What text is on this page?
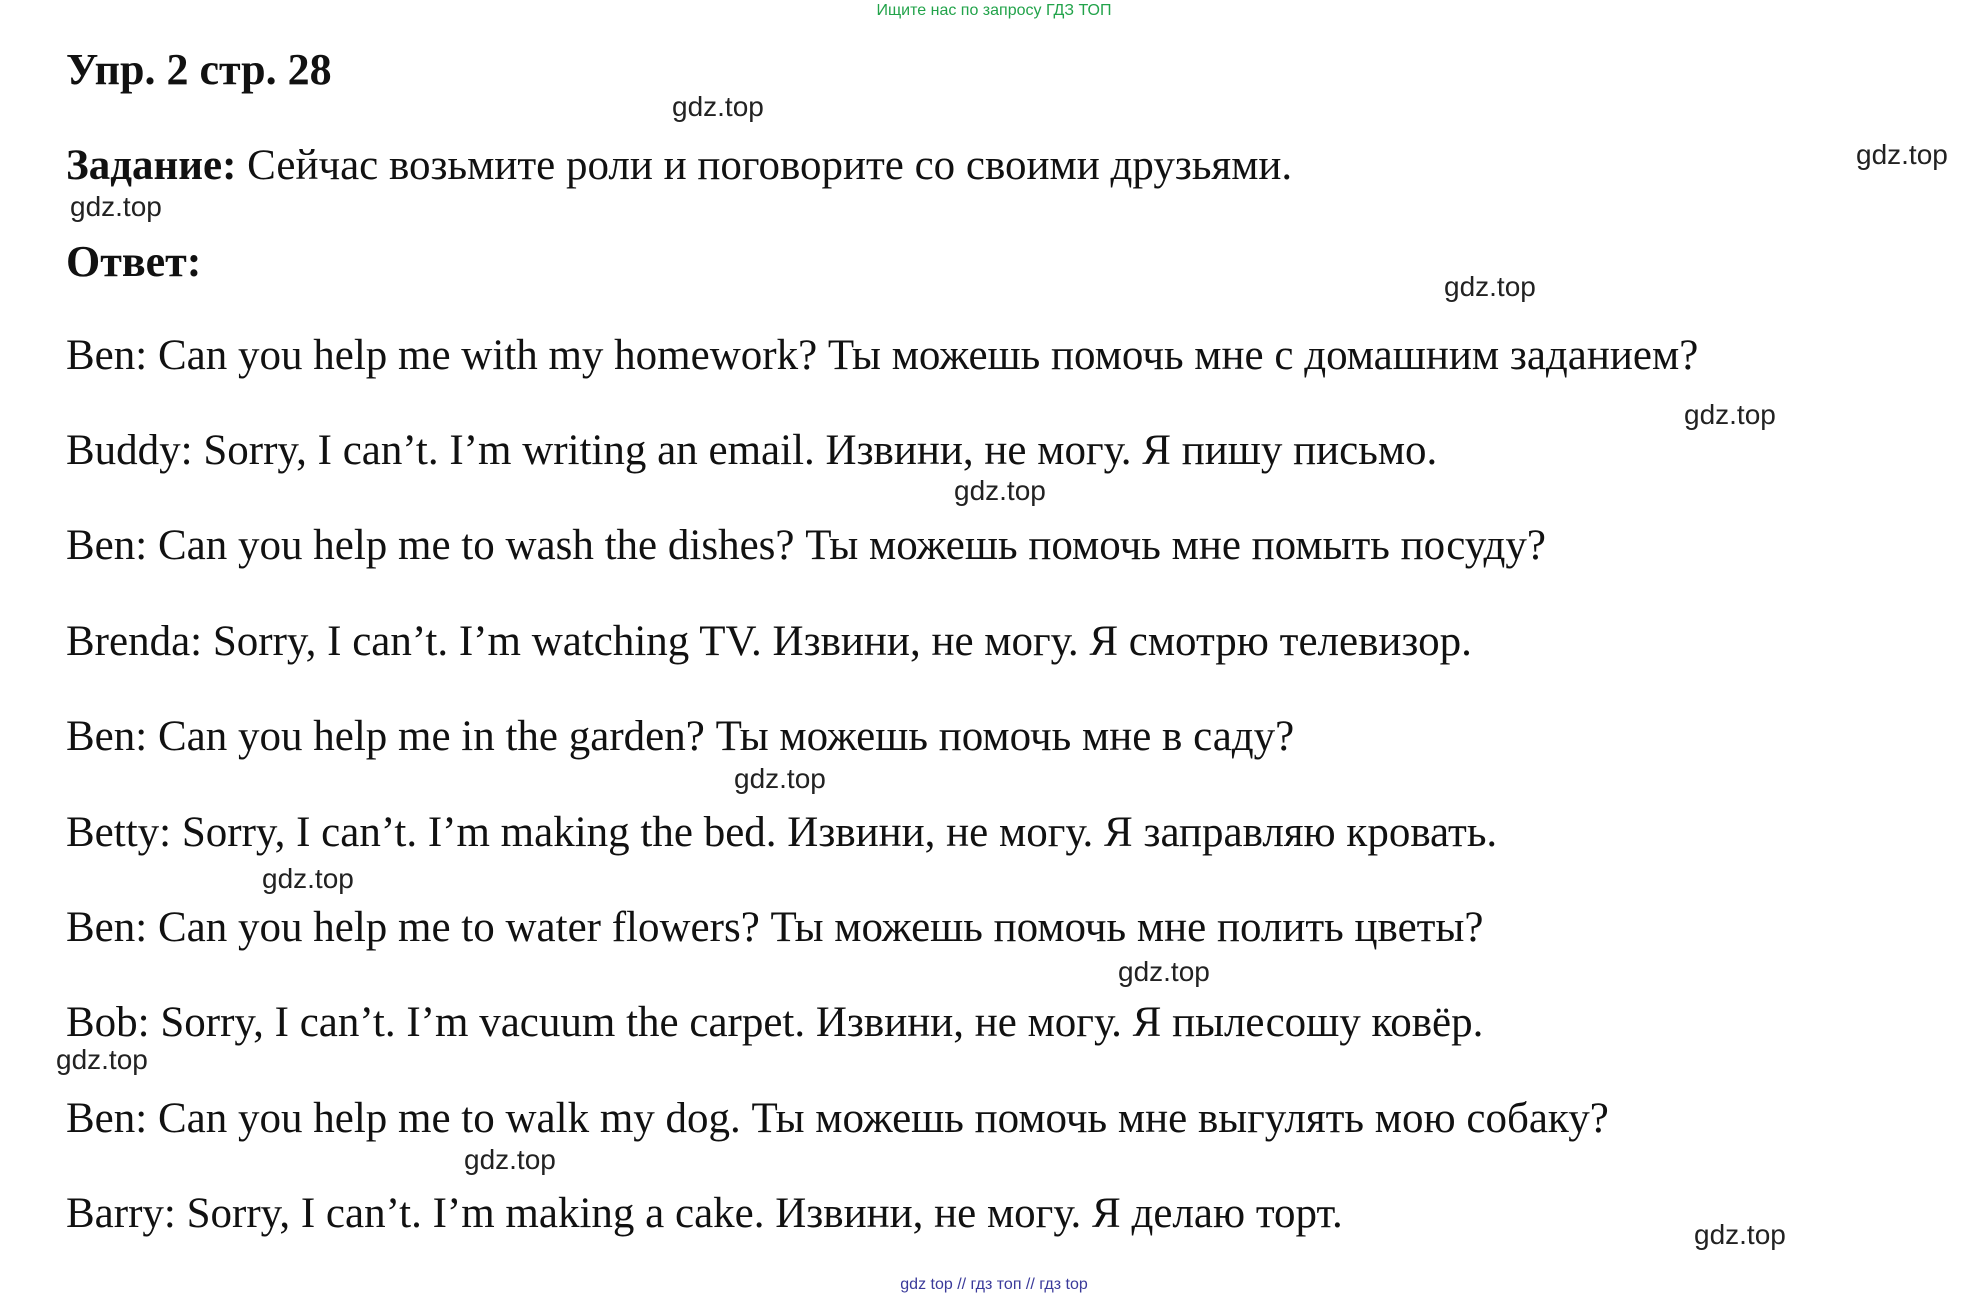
Ищите нас по запросу ГДЗ ТОП
Упр. 2 стр. 28
Задание: Сейчас возьмите роли и поговорите со своими друзьями.
Ответ:
Ben: Can you help me with my homework? Ты можешь помочь мне с домашним заданием?
Buddy: Sorry, I can’t. I’m writing an email. Извини, не могу. Я пишу письмо.
Ben: Can you help me to wash the dishes? Ты можешь помочь мне помыть посуду?
Brenda: Sorry, I can’t. I’m watching TV. Извини, не могу. Я смотрю телевизор.
Ben: Can you help me in the garden? Ты можешь помочь мне в саду?
Betty: Sorry, I can’t. I’m making the bed. Извини, не могу. Я заправляю кровать.
Ben: Can you help me to water flowers? Ты можешь помочь мне полить цветы?
Bob: Sorry, I can’t. I’m vacuum the carpet. Извини, не могу. Я пылесошу ковёр.
Ben: Can you help me to walk my dog. Ты можешь помочь мне выгулять мою собаку?
Barry: Sorry, I can’t. I’m making a cake. Извини, не могу. Я делаю торт.
gdz.top
gdz.top
gdz.top
gdz.top
gdz.top
gdz.top
gdz.top
gdz.top
gdz.top
gdz.top
gdz.top
gdz.top
gdz top // гдз топ // гдз top
